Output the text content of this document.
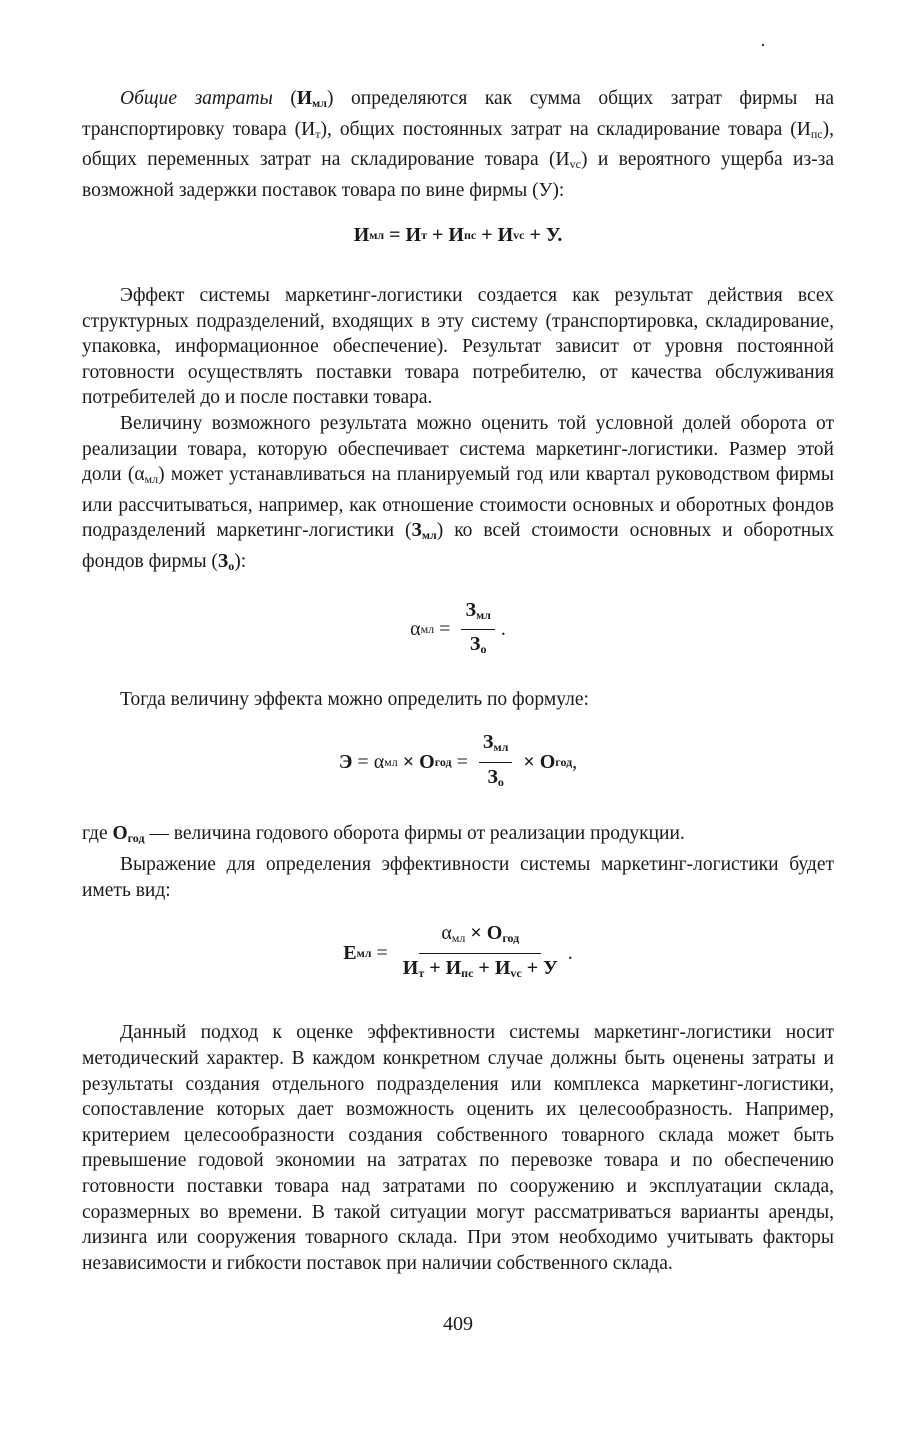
Общие затраты $(И_{мл})$ определяются как сумма общих затрат фирмы на транспортировку товара $(И_т)$, общих постоянных затрат на складирование товара $(И_{пс})$, общих переменных затрат на складирование товара $(И_{vc})$ и вероятного ущерба из-за возможной задержки поставок товара по вине фирмы (У):

И мл = И т + И пс + И vc + У.

Эффект системы маркетинг-логистики создается как результат действия всех структурных подразделений, входящих в эту систему (транспортировка, складирование, упаковка, информационное обеспечение). Результат зависит от уровня постоянной готовности осуществлять поставки товара потребителю, от качества обслуживания потребителей до и после поставки товара.

Величину возможного результата можно оценить той условной долей оборота от реализации товара, которую обеспечивает система маркетинг-логистики. Размер этой доли $(\alpha_{мл})$ может устанавливаться на планируемый год или квартал руководством фирмы или рассчитываться, например, как отношение стоимости основных и оборотных фондов подразделений маркетинг-логистики $(З_{мл})$ ко всей стоимости основных и оборотных фондов фирмы $(З_о)$:

α мл = $\frac{З_{мл}}{З_о}$ .

Тогда величину эффекта можно определить по формуле:

Э = α мл × О год = $\frac{З_{мл}}{З_о} \times О$ год ,

где $О_{год}$ — величина годового оборота фирмы от реализации продукции.

Выражение для определения эффективности системы маркетинг-логистики будет иметь вид:

Е мл = $\frac{\alpha_{мл} \times О_{год}}{И_т + И_{пс} + И_{vc} + У}$ .

Данный подход к оценке эффективности системы маркетинг-логистики носит методический характер. В каждом конкретном случае должны быть оценены затраты и результаты создания отдельного подразделения или комплекса маркетинг-логистики, сопоставление которых дает возможность оценить их целесообразность. Например, критерием целесообразности создания собственного товарного склада может быть превышение годовой экономии на затратах по перевозке товара и по обеспечению готовности поставки товара над затратами по сооружению и эксплуатации склада, соразмерных во времени. В такой ситуации могут рассматриваться варианты аренды, лизинга или сооружения товарного склада. При этом необходимо учитывать факторы независимости и гибкости поставок при наличии собственного склада.

409
